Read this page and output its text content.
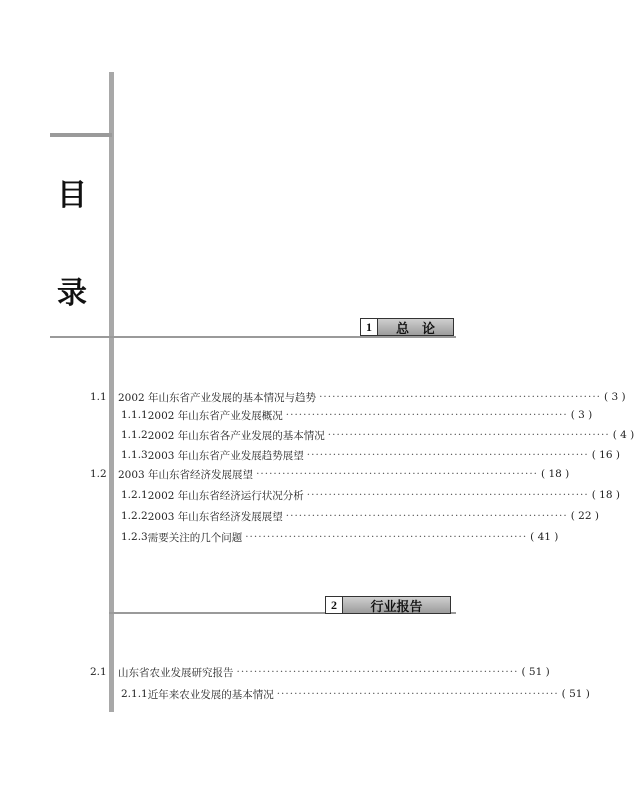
目
录
1	总　论
1.1 2002 年山东省产业发展的基本情况与趋势 ································································· ( 3 )
1.1.1 2002 年山东省产业发展概况 ································································· ( 3 )
1.1.2 2002 年山东省各产业发展的基本情况 ································································· ( 4 )
1.1.3 2003 年山东省产业发展趋势展望 ································································· ( 16 )
1.2 2003 年山东省经济发展展望 ································································· ( 18 )
1.2.1 2002 年山东省经济运行状况分析 ································································· ( 18 )
1.2.2 2003 年山东省经济发展展望 ································································· ( 22 )
1.2.3 需要关注的几个问题 ································································· ( 41 )
2	行业报告
2.1 山东省农业发展研究报告 ································································· ( 51 )
2.1.1 近年来农业发展的基本情况 ································································· ( 51 )
